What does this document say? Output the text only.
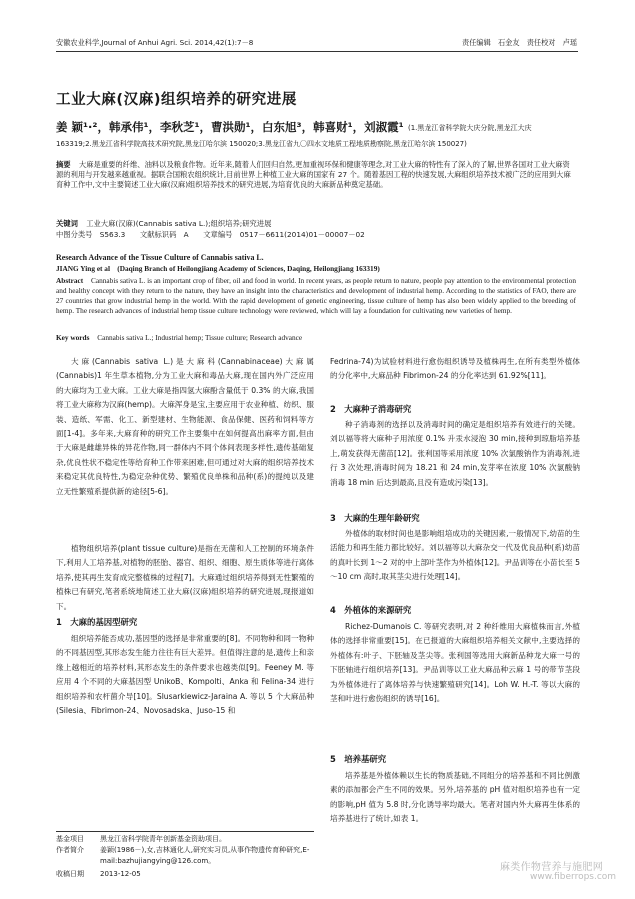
安徽农业科学,Journal of Anhui Agri. Sci. 2014,42(1):7－8	责任编辑　石金友　责任校对　卢瑶
工业大麻(汉麻)组织培养的研究进展
姜 颖¹·²，韩承伟¹，李秋芝¹，曹洪勋¹，白东旭³，韩喜财¹，刘淑霞¹ (1.黑龙江省科学院大庆分院,黑龙江大庆
163319;2.黑龙江省科学院高技术研究院,黑龙江哈尔滨 150020;3.黑龙江省九〇四水文地质工程地质勘察院,黑龙江哈尔滨 150027)
摘要 大麻是重要的纤维、油料以及粮食作物。近年来,随着人们回归自然,更加重视环保和健康等理念,对工业大麻的特性有了深入的了解,世界各国对工业大麻资源的利用与开发越来越重视。据联合国粮农组织统计,目前世界上种植工业大麻的国家有 27 个。随着基因工程的快速发展,大麻组织培养技术被广泛的应用到大麻育种工作中,文中主要简述工业大麻(汉麻)组织培养技术的研究进展,为培育优良的大麻新品种奠定基础。
关键词 工业大麻(汉麻)(Cannabis sativa L.);组织培养;研究进展
中图分类号　S563.3　　文献标识码　A　　文章编号　0517－6611(2014)01－00007－02
Research Advance of the Tissue Culture of Cannabis sativa L.
JIANG Ying et al　(Daqing Branch of Heilongjiang Academy of Sciences, Daqing, Heilongjiang 163319)
Abstract Cannabis sativa L. is an important crop of fiber, oil and food in world. In recent years, as people return to nature, people pay attention to the environmental protection and healthy concept with they return to the nature, they have an insight into the characteristics and development of industrial hemp. According to the statistics of FAO, there are 27 countries that grow industrial hemp in the world. With the rapid development of genetic engineering, tissue culture of hemp has also been widely applied to the breeding of hemp. The research advances of industrial hemp tissue culture technology were reviewed, which will lay a foundation for cultivating new varieties of hemp.
Key words Cannabis sativa L.; Industrial hemp; Tissue culture; Research advance
大麻(Cannabis sativa L.)是大麻科(Cannabinaceae)大麻属(Cannabis)1 年生草本植物,分为工业大麻和毒品大麻,现在国内外广泛应用的大麻均为工业大麻。工业大麻是指四氢大麻酚含量低于 0.3% 的大麻,我国将工业大麻称为汉麻(hemp)。大麻浑身是宝,主要应用于农业种植、纺织、服装、造纸、军需、化工、新型建材、生物能源、食品保健、医药和饲料等方面[1-4]。多年来,大麻育种的研究工作主要集中在如何提高出麻率方面,但由于大麻是雌雄异株的异花作物,同一群体内不同个体间表现多样性,遗传基础复杂,优良性状不稳定性等给育种工作带来困难,但可通过对大麻的组织培养技术来稳定其优良特性,为稳定杂种优势、繁殖优良单株和品种(系)的提纯以及建立无性繁殖系提供新的途径[5-6]。
植物组织培养(plant tissue culture)是指在无菌和人工控制的环境条件下,利用人工培养基,对植物的胚胎、器官、组织、细胞、原生质体等进行离体培养,使其再生发育成完整植株的过程[7]。大麻通过组织培养得到无性繁殖的植株已有研究,笔者系统地简述工业大麻(汉麻)组织培养的研究进展,现报道如下。
1　大麻的基因型研究
组织培养能否成功,基因型的选择是非常重要的[8]。不同物种和同一物种的不同基因型,其形态发生能力往往有巨大差异。但值得注意的是,遗传上和亲缘上越相近的培养材料,其形态发生的条件要求也越类似[9]。Feeney M. 等应用 4 个不同的大麻基因型 UnikoB、Kompolti、Anka 和 Felina-34 进行组织培养和农杆菌介导[10]。Slusarkiewicz-Jaraina A. 等以 5 个大麻品种(Silesia、Fibrimon-24、Novosadska、Juso-15 和
基金项目 黑龙江省科学院青年创新基金资助项目。
作者简介 姜颖(1986－),女,吉林通化人,研究实习员,从事作物遗传育种研究,E-mail:bazhujiangying@126.com。
收稿日期 2013-12-05
Fedrina-74)为试验材料进行愈伤组织诱导及植株再生,在所有类型外植体的分化率中,大麻品种 Fibrimon-24 的分化率达到 61.92%[11]。
2　大麻种子消毒研究
种子消毒剂的选择以及消毒时间的确定是组织培养有效进行的关键。刘以福等将大麻种子用浓度 0.1% 升汞水浸泡 30 min,接种到琼脂培养基上,萌发获得无菌苗[12]。张利国等采用浓度 10% 次氯酸钠作为消毒剂,进行 3 次处理,消毒时间为 18.21 和 24 min,发芽率在浓度 10% 次氯酸钠消毒 18 min 后达到最高,且没有造成污染[13]。
3　大麻的生理年龄研究
外植体的取材时间也是影响组培成功的关键因素,一般情况下,幼苗的生活能力和再生能力都比较好。刘以福等以大麻杂交一代及优良品种(系)幼苗的真叶长到 1～2 对的中上部叶茎作为外植体[12]。尹品训等在小苗长至 5～10 cm 高时,取其茎尖进行处理[14]。
4　外植体的来源研究
Richez-Dumanois C. 等研究表明,对 2 种纤维用大麻植株而言,外植体的选择非常重要[15]。在已报道的大麻组织培养相关文献中,主要选择的外植体有:叶子、下胚轴及茎尖等。张利国等选用大麻新品种龙大麻一号的下胚轴进行组织培养[13]。尹品训等以工业大麻品种云麻 1 号的带节茎段为外植体进行了离体培养与快速繁殖研究[14]。Loh W. H.-T. 等以大麻的茎和叶进行愈伤组织的诱导[16]。
5　培养基研究
培养基是外植体赖以生长的物质基础,不同组分的培养基和不同比例激素的添加都会产生不同的效果。另外,培养基的 pH 值对组织培养也有一定的影响,pH 值为 5.8 时,分化诱导率均最大。笔者对国内外大麻再生体系的培养基进行了统计,如表 1。
麻类作物营养与施肥网
www.fiberrops.com
